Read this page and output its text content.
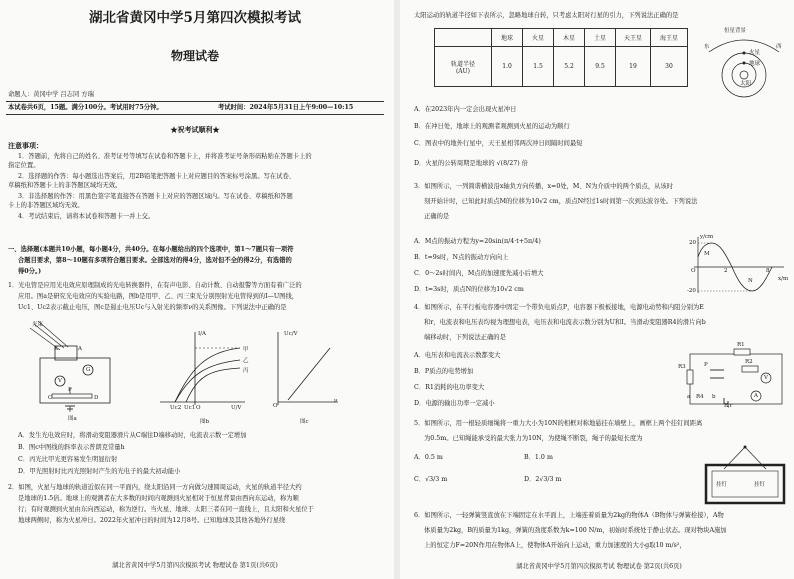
湖北省黄冈中学5月第四次模拟考试
物理试卷
命题人：黄冈中学 吕志同 方瑞
本试卷共6页，15题。满分100分。考试用时75分钟。	考试时间：2024年5月31日上午9:00—10:15
★祝考试顺利★
注意事项：
1．答题前，先将自己的姓名、准考证号等填写在试卷和答题卡上，并将准考证号条形码粘贴在答题卡上的
指定位置。
2．选择题的作答：每小题选出答案后，用2B铅笔把答题卡上对应题目的答案标号涂黑。写在试卷、
草稿纸和答题卡上的非答题区域均无效。
3．非选择题的作答：用黑色签字笔直接答在答题卡上对应的答题区域内。写在试卷、草稿纸和答题
卡上的非答题区域均无效。
4．考试结束后，请将本试卷和答题卡一并上交。
一、选择题(本题共10小题，每小题4分，共40分。在每小题给出的四个选项中，第1～7题只有一项符
合题目要求，第8～10题有多项符合题目要求。全部选对的得4分，选对但不全的得2分，有选错的
得0分。)
1．光电管是应用光电效应原理制成的光电转换器件，在有声电影、自动计数、自动报警等方面有着广泛的
应用。图a是研究光电效应的实验电路，图b是用甲、乙、丙三束光分别照射光电管得到的I—U图线，
Uc1、Uc2表示截止电压，图c是遏止电压Uc与入射光的频率ν的关系图像。下列说法中正确的是
光束
K	A
G
V
P
C	D
图a
I/A
甲
乙
丙
Uc2 Uc1 O	U/V
图b
Uc/V
O
ν
图c
A．发生光电效应时，将滑动变阻器滑片从C端往D端移动时，电流表示数一定增加
B．图c中图线的斜率表示普朗克常量h
C．丙光比甲光更容易发生明显衍射
D．甲光照射时比丙光照射时产生的光电子的最大初动能小
2．如图，火星与地球的轨道近似在同一平面内，绕太阳沿同一方向做匀速圆周运动，火星的轨道半径大约
是地球的1.5倍。地球上的观测者在大多数的时间内观测到火星相对于恒星背景由西向东运动，称为顺
行；有时观测到火星由东向西运动，称为逆行。当火星、地球、太阳三者在同一直线上，且太阳和火星位于
地球两侧时，称为火星冲日。2022年火星冲日的时间为12月8号。已知地球及其他各地外行星绕
湖北省黄冈中学5月第四次模拟考试 物理试卷 第1页(共6页)
太阳运动的轨道半径如下表所示，忽略地球自转，只考虑太阳对行星的引力，下列说法正确的是
	地球	火星	木星	土星	天王星	海王星
轨道半径
(AU)	1.0	1.5	5.2	9.5	19	30
恒星背景
东	西
火星
地球
太阳
A．在2023年内一定会出现火星冲日
B．在冲日处，地球上的观测者观测到火星的运动为顺行
C．图表中的地外行星中，天王星相邻两次冲日间隔时间最短
D．火星的公转周期是地球的 √(8/27) 倍
3．如图所示，一列简谐横波沿x轴负方向传播，x=0处，M、N为介质中的两个质点，从该时
刻开始计时，已知此时质点M的位移为10√2 cm，质点N经过1s时间第一次到达波谷处。下列说法
正确的是
y/cm
20
-20
O
M
2
N
8
x/m
A．M点的振动方程为y=20sin(π/4·t+5π/4)
B．t=9s时，N点的振动方向向上
C．0～2s时间内，M点的加速度先减小后增大
D．t=3s时，质点N的位移为10√2 cm
4．如图所示，在平行板电容器中固定一个带负电质点P，电容器下极板接地，电源电动势和内阻分别为E
和r，电流表和电压表均视为理想电表，电压表和电流表示数分别为U和I。当滑动变阻器R4的滑片向b
端移动时，下列说法正确的是
A．电压表和电流表示数都变大
B．P质点的电势增加
C．R1消耗的电功率变大
D．电源的输出功率一定减小
R1
R2
R3
R4
P
a	b
E,r
V
A
5．如图所示，用一根轻质细绳将一重力大小为10N的相框对称地悬挂在墙壁上，画框上两个挂钉间距离
为0.5m。已知绳能承受的最大张力为10N，为使绳不断裂，绳子的最短长度为
A．0.5 m	B．1.0 m
C．√3/3 m	D．2√3/3 m
挂钉	挂钉
6．如图所示，一轻弹簧竖直放在下端固定在水平面上，上端连着质量为2kg的物体A（B物体与弹簧栓接），A物
体质量为2kg，B的质量为1kg，弹簧的劲度系数为k=100 N/m，初始时系统处于静止状态。现对物块A施加
上的恒定力F=20N作用在物体A上，使物体A开始向上运动，重力加速度的大小g取10 m/s²，
湖北省黄冈中学5月第四次模拟考试 物理试卷 第2页(共6页)
